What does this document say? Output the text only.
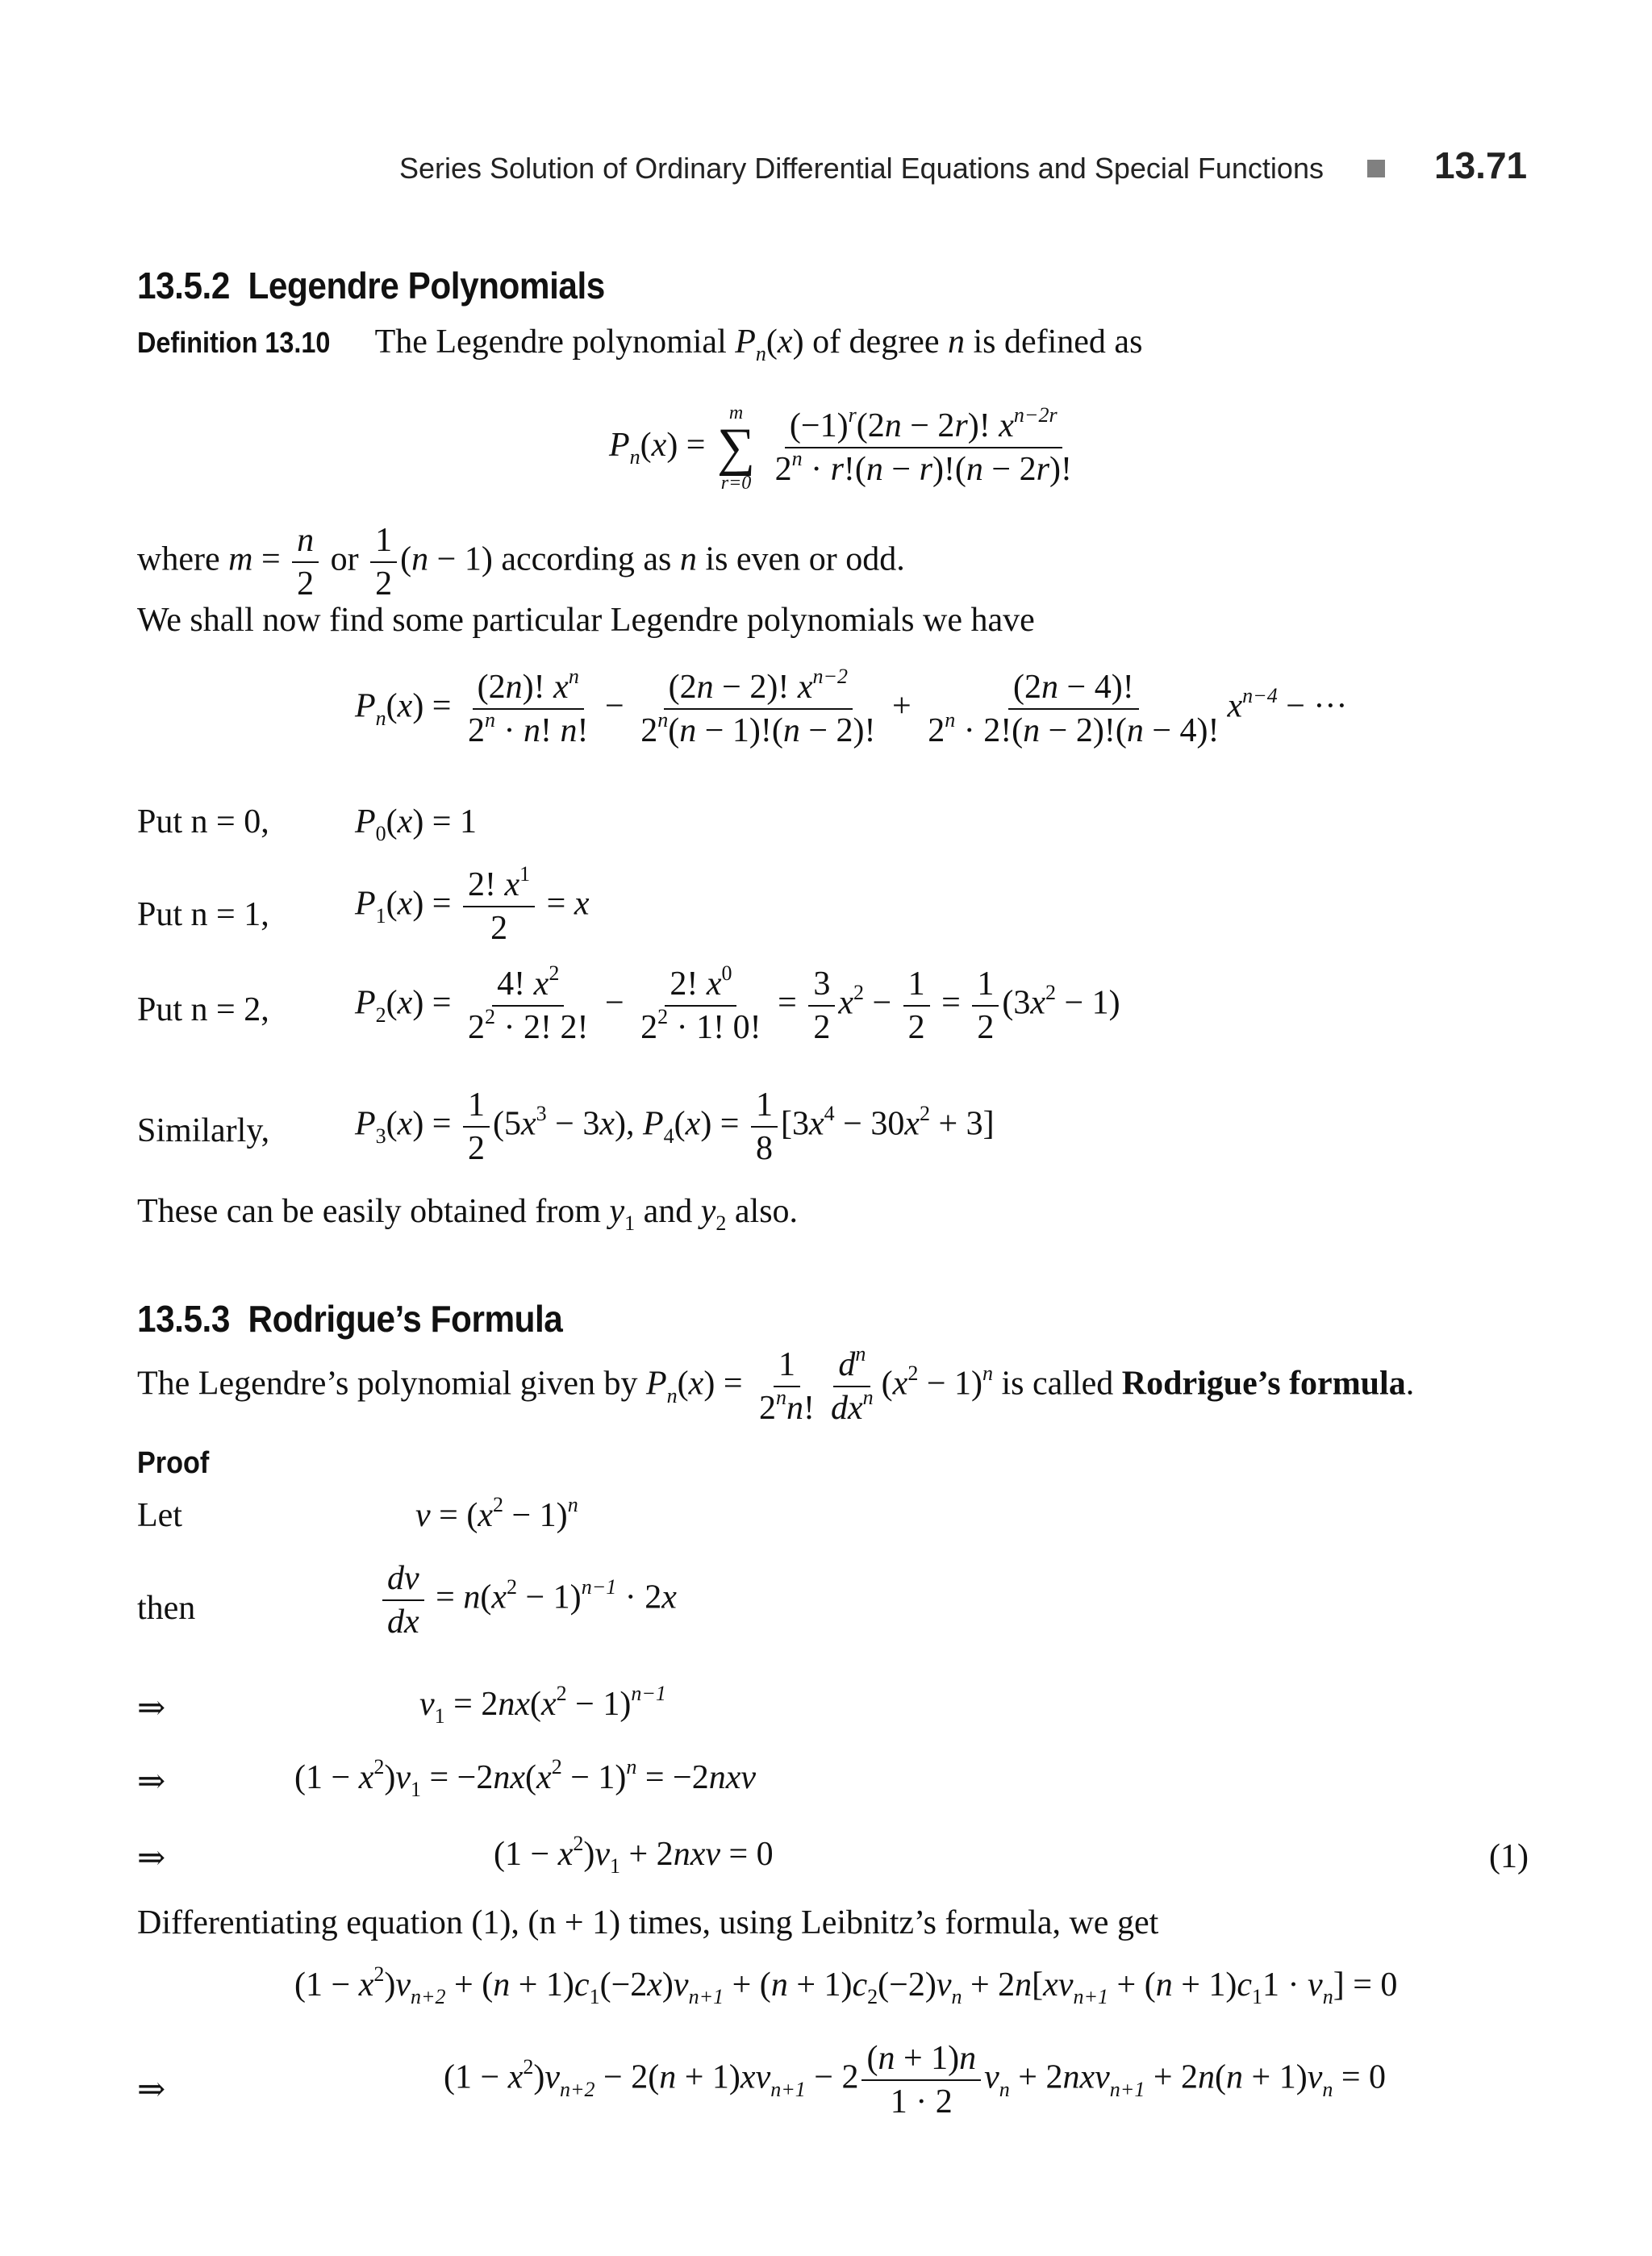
Series Solution of Ordinary Differential Equations and Special Functions	13.71
13.5.2 Legendre Polynomials
Definition 13.10 The Legendre polynomial $P_n(x)$ of degree n is defined as
$P_n(x)$ =
m
∑
r=0
$\frac{(-1)^r(2n - 2r)! x^{n-2r}}{2^n \cdot r!(n - r)!(n - 2r)!}$
where $m = \frac{n}{2}$ or $\frac{1}{2} (n - 1)$ according as n is even or odd.
We shall now find some particular Legendre polynomials we have
$P_n(x) = \frac{(2n)! x^n}{2^n \cdot n! n!} - \frac{(2n - 2)! x^{n-2}}{2^n(n - 1)!(n - 2)!} + \frac{(2n - 4)!}{2^n \cdot 2!(n - 2)!(n - 4)!} x^{n-4}$ − ···
Put n = 0,	$P_0(x) = 1$
Put n = 1,	$P_1(x) = \frac{2! x^1}{2} = x$
Put n = 2,	$P_2(x) = \frac{4! x^2}{2^2 \cdot 2! 2!} - \frac{2! x^0}{2^2 \cdot 1! 0!} = \frac{3}{2} x^2 - \frac{1}{2} = \frac{1}{2} (3x^2 - 1)$
Similarly,	$P_3(x) = \frac{1}{2} (5x^3 - 3x)$, $P_4(x) = \frac{1}{8} [3x^4 - 30x^2 + 3]$
These can be easily obtained from $y_1$ and $y_2$ also.
13.5.3 Rodrigue’s Formula
The Legendre’s polynomial given by $P_n(x) = \frac{1}{2^nn!} \frac{d^n}{dx^n} (x^2 - 1)^n$ is called Rodrigue’s formula.
Proof
Let	$v = (x^2 - 1)^n$
then	$\frac{dv}{dx} = n(x^2 - 1)^{n-1} \cdot 2x$
⇒	$v_1 = 2nx(x^2 - 1)^{n-1}$
⇒	$(1 - x^2)v_1 = -2nx(x^2 - 1)^n = -2nxv$
⇒	$(1 - x^2)v_1 + 2nxv = 0$	(1)
Differentiating equation (1), (n + 1) times, using Leibnitz’s formula, we get
$(1 - x^2)v_{n+2} + (n + 1)c_1(-2x)v_{n+1} + (n + 1)c_2(-2)v_n + 2n[xv_{n+1} + (n + 1)c_11 \cdot v_n] = 0$
⇒	$(1 - x^2)v_{n+2} - 2(n + 1)xv_{n+1} - 2 \frac{(n + 1)n}{1 \cdot 2} v_n + 2nxv_{n+1} + 2n(n + 1)v_n = 0$
